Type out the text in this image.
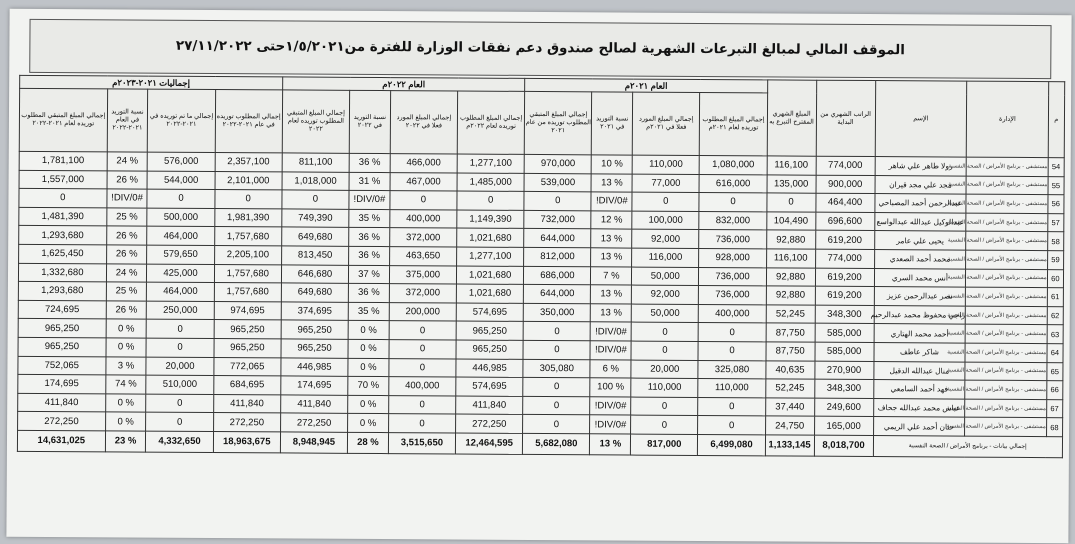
الموقف المالي لمبالغ التبرعات الشهرية لصالح صندوق دعم نفقات الوزارة للفترة من١/٥/٢٠٢١حتى ٢٧/١١/٢٠٢٢
م	الإدارة	الإسم	الراتب الشهري من البداية	المبلغ الشهري المقترح التبرع به	العام ٢٠٢١م				العام ٢٠٢٢م				إجماليات ٢٠٢١-٢٠٢٣م			
					إجمالي المبلغ المطلوب توريده لعام ٢٠٢١م	إجمالي المبلغ المورد فعلا في ٢٠٢١م	نسبة التوريد في ٢٠٢١	إجمالي المبلغ المتبقي المطلوب توريده من عام ٢٠٢١	إجمالي المبلغ المطلوب توريده لعام ٢٠٢٢م	إجمالي المبلغ المورد فعلا في ٢٠٢٢	نسبة التوريد في ٢٠٢٢	إجمالي المبلغ المتبقي المطلوب توريده لعام ٢٠٢٢	إجمالي المطلوب توريده في عام ٢٠٢١-٢٠٢٢	إجمالي ما تم توريده في ٢٠٢١-٢٠٢٢	نسبة التوريد في العام ٢٠٢١-٢٠٢٢	إجمالي المبلغ المتبقي المطلوب توريده لعام ٢٠٢١-٢٠٢٢
54	مستشفى - برنامج الأمراض / الصحة النفسية	رولا طاهر علي شاهر	774,000	116,100	1,080,000	110,000	% 10	970,000	1,277,100	466,000	% 36	811,100	2,357,100	576,000	% 24	1,781,100
55	مستشفى - برنامج الأمراض / الصحة النفسية	مجد علي مجد قيران	900,000	135,000	616,000	77,000	% 13	539,000	1,485,000	467,000	% 31	1,018,000	2,101,000	544,000	% 26	1,557,000
56	مستشفى - برنامج الأمراض / الصحة النفسية	عبدالرحمن أحمد المصباحي	464,400	0	0	0	#DIV/0!	0	0	0	#DIV/0!	0	0	0	#DIV/0!	0
57	مستشفى - برنامج الأمراض / الصحة النفسية	عبدالوكيل عبدالله عبدالواسع	696,600	104,490	832,000	100,000	% 12	732,000	1,149,390	400,000	% 35	749,390	1,981,390	500,000	% 25	1,481,390
58	مستشفى - برنامج الأمراض / الصحة النفسية	يحيى علي عامر	619,200	92,880	736,000	92,000	% 13	644,000	1,021,680	372,000	% 36	649,680	1,757,680	464,000	% 26	1,293,680
59	مستشفى - برنامج الأمراض / الصحة النفسية	محمد أحمد الصعدي	774,000	116,100	928,000	116,000	% 13	812,000	1,277,100	463,650	% 36	813,450	2,205,100	579,650	% 26	1,625,450
60	مستشفى - برنامج الأمراض / الصحة النفسية	أنس محمد السري	619,200	92,880	736,000	50,000	% 7	686,000	1,021,680	375,000	% 37	646,680	1,757,680	425,000	% 24	1,332,680
61	مستشفى - برنامج الأمراض / الصحة النفسية	نصر عبدالرحمن عزيز	619,200	92,880	736,000	92,000	% 13	644,000	1,021,680	372,000	% 36	649,680	1,757,680	464,000	% 25	1,293,680
62	مستشفى - برنامج الأمراض / الصحة النفسية	راجي محفوظ محمد عبدالرحيم	348,300	52,245	400,000	50,000	% 13	350,000	574,695	200,000	% 35	374,695	974,695	250,000	% 26	724,695
63	مستشفى - برنامج الأمراض / الصحة النفسية	أحمد محمد الهتاري	585,000	87,750	0	0	#DIV/0!	0	965,250	0	% 0	965,250	965,250	0	% 0	965,250
64	مستشفى - برنامج الأمراض / الصحة النفسية	شاكر عاطف	585,000	87,750	0	0	#DIV/0!	0	965,250	0	% 0	965,250	965,250	0	% 0	965,250
65	مستشفى - برنامج الأمراض / الصحة النفسية	منال عبدالله الدقيل	270,900	40,635	325,080	20,000	% 6	305,080	446,985	0	% 0	446,985	772,065	20,000	% 3	752,065
66	مستشفى - برنامج الأمراض / الصحة النفسية	فهد أحمد السامعي	348,300	52,245	110,000	110,000	% 100	0	574,695	400,000	% 70	174,695	684,695	510,000	% 74	174,695
67	مستشفى - برنامج الأمراض / الصحة النفسية	عباس محمد عبدالله جحاف	249,600	37,440	0	0	#DIV/0!	0	411,840	0	% 0	411,840	411,840	0	% 0	411,840
68	مستشفى - برنامج الأمراض / الصحة النفسية	حنان أحمد علي الريمي	165,000	24,750	0	0	#DIV/0!	0	272,250	0	% 0	272,250	272,250	0	% 0	272,250
إجمالي بيانات - برنامج الأمراض / الصحة النفسية			8,018,700	1,133,145	6,499,080	817,000	% 13	5,682,080	12,464,595	3,515,650	% 28	8,948,945	18,963,675	4,332,650	% 23	14,631,025
